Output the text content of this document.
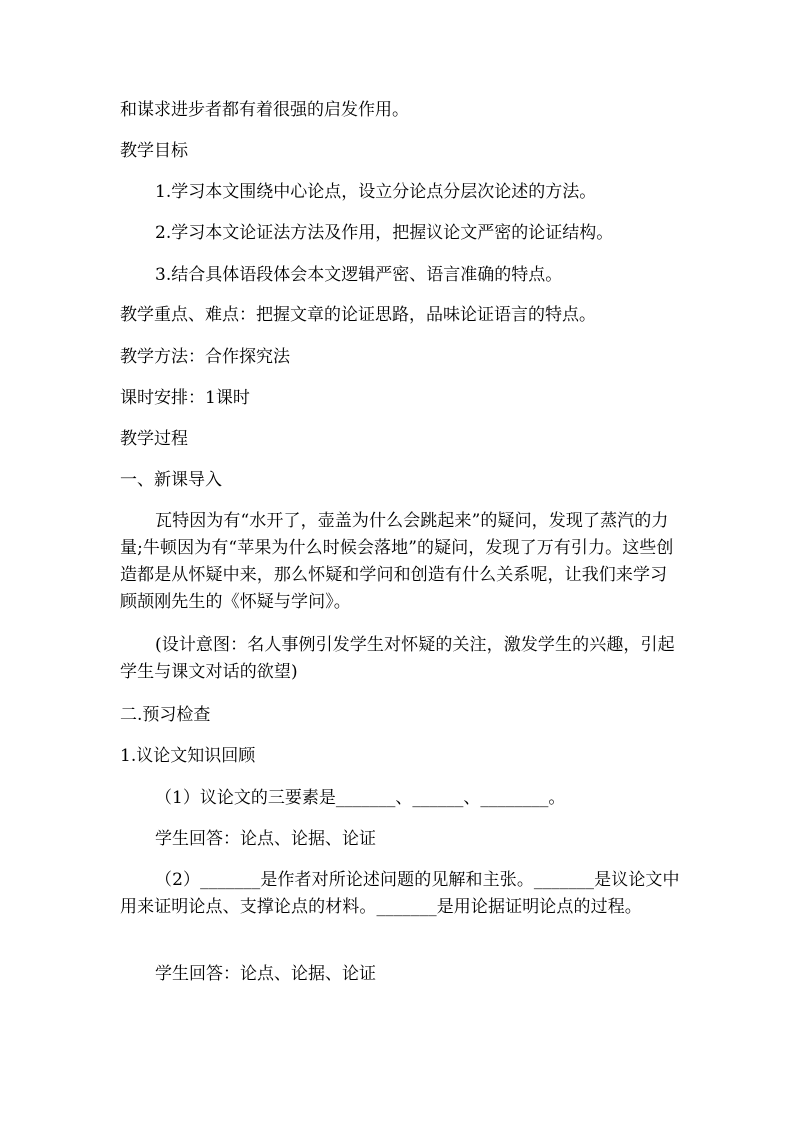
和谋求进步者都有着很强的启发作用。

教学目标

1.学习本文围绕中心论点，设立分论点分层次论述的方法。

2.学习本文论证法方法及作用，把握议论文严密的论证结构。

3.结合具体语段体会本文逻辑严密、语言准确的特点。

教学重点、难点：把握文章的论证思路，品味论证语言的特点。

教学方法：合作探究法

课时安排：1课时

教学过程

一、新课导入

瓦特因为有“水开了，壶盖为什么会跳起来”的疑问，发现了蒸汽的力量;牛顿因为有“苹果为什么时候会落地”的疑问，发现了万有引力。这些创造都是从怀疑中来，那么怀疑和学问和创造有什么关系呢，让我们来学习顾颉刚先生的《怀疑与学问》。

(设计意图：名人事例引发学生对怀疑的关注，激发学生的兴趣，引起学生与课文对话的欲望)

二.预习检查

1.议论文知识回顾

（1）议论文的三要素是_______、______、________。

学生回答：论点、论据、论证

（2）_______是作者对所论述问题的见解和主张。_______是议论文中用来证明论点、支撑论点的材料。_______是用论据证明论点的过程。

学生回答：论点、论据、论证
